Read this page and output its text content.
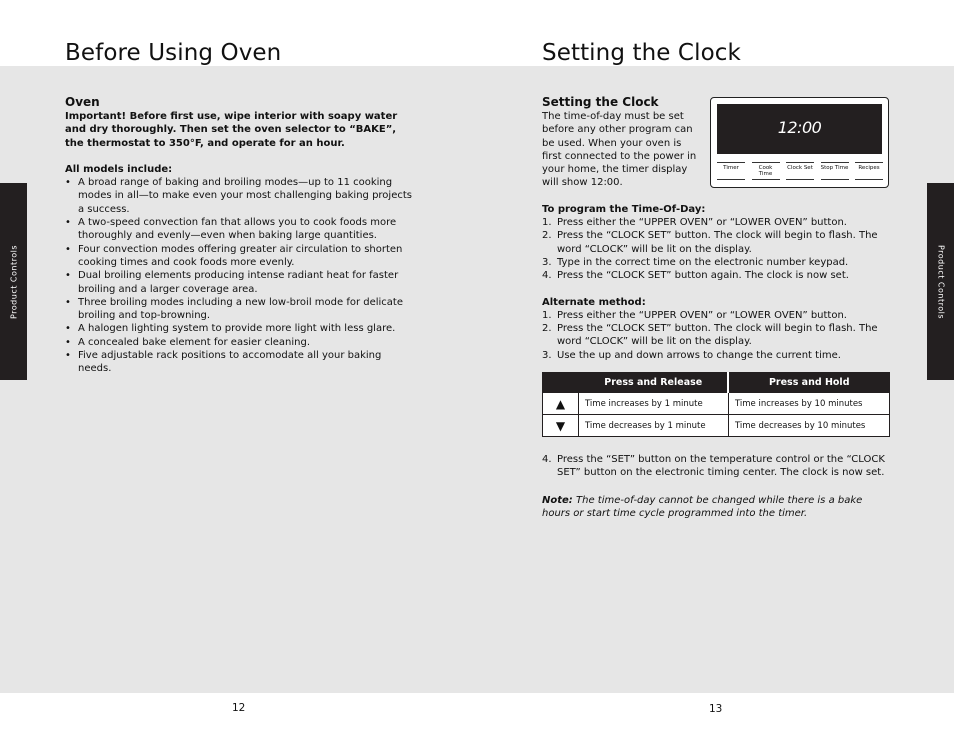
Before Using Oven
Product Controls
Oven
Important! Before first use, wipe interior with soapy water and dry thoroughly. Then set the oven selector to “BAKE”, the thermostat to 350°F, and operate for an hour.
All models include:
• A broad range of baking and broiling modes—up to 11 cooking modes in all—to make even your most challenging baking projects a success.
• A two-speed convection fan that allows you to cook foods more thoroughly and evenly—even when baking large quantities.
• Four convection modes offering greater air circulation to shorten cooking times and cook foods more evenly.
• Dual broiling elements producing intense radiant heat for faster broiling and a larger coverage area.
• Three broiling modes including a new low-broil mode for delicate broiling and top-browning.
• A halogen lighting system to provide more light with less glare.
• A concealed bake element for easier cleaning.
• Five adjustable rack positions to accomodate all your baking needs.
12
Setting the Clock
Product Controls
Setting the Clock
The time-of-day must be set before any other program can be used. When your oven is first connected to the power in your home, the timer display will show 12:00.
To program the Time-Of-Day:
1. Press either the “UPPER OVEN” or “LOWER OVEN” button.
2. Press the “CLOCK SET” button. The clock will begin to flash. The word “CLOCK” will be lit on the display.
3. Type in the correct time on the electronic number keypad.
4. Press the “CLOCK SET” button again. The clock is now set.
Alternate method:
1. Press either the “UPPER OVEN” or “LOWER OVEN” button.
2. Press the “CLOCK SET” button. The clock will begin to flash. The word “CLOCK” will be lit on the display.
3. Use the up and down arrows to change the current time.
12:00
Timer	Cook Time
Clock Set Stop Time	Recipes
	Press and Release	Press and Hold
▲	Time increases by 1 minute	Time increases by 10 minutes
▼	Time decreases by 1 minute	Time decreases by 10 minutes
4. Press the “SET” button on the temperature control or the “CLOCK SET” button on the electronic timing center. The clock is now set.
Note: The time-of-day cannot be changed while there is a bake hours or start time cycle programmed into the timer.
13
